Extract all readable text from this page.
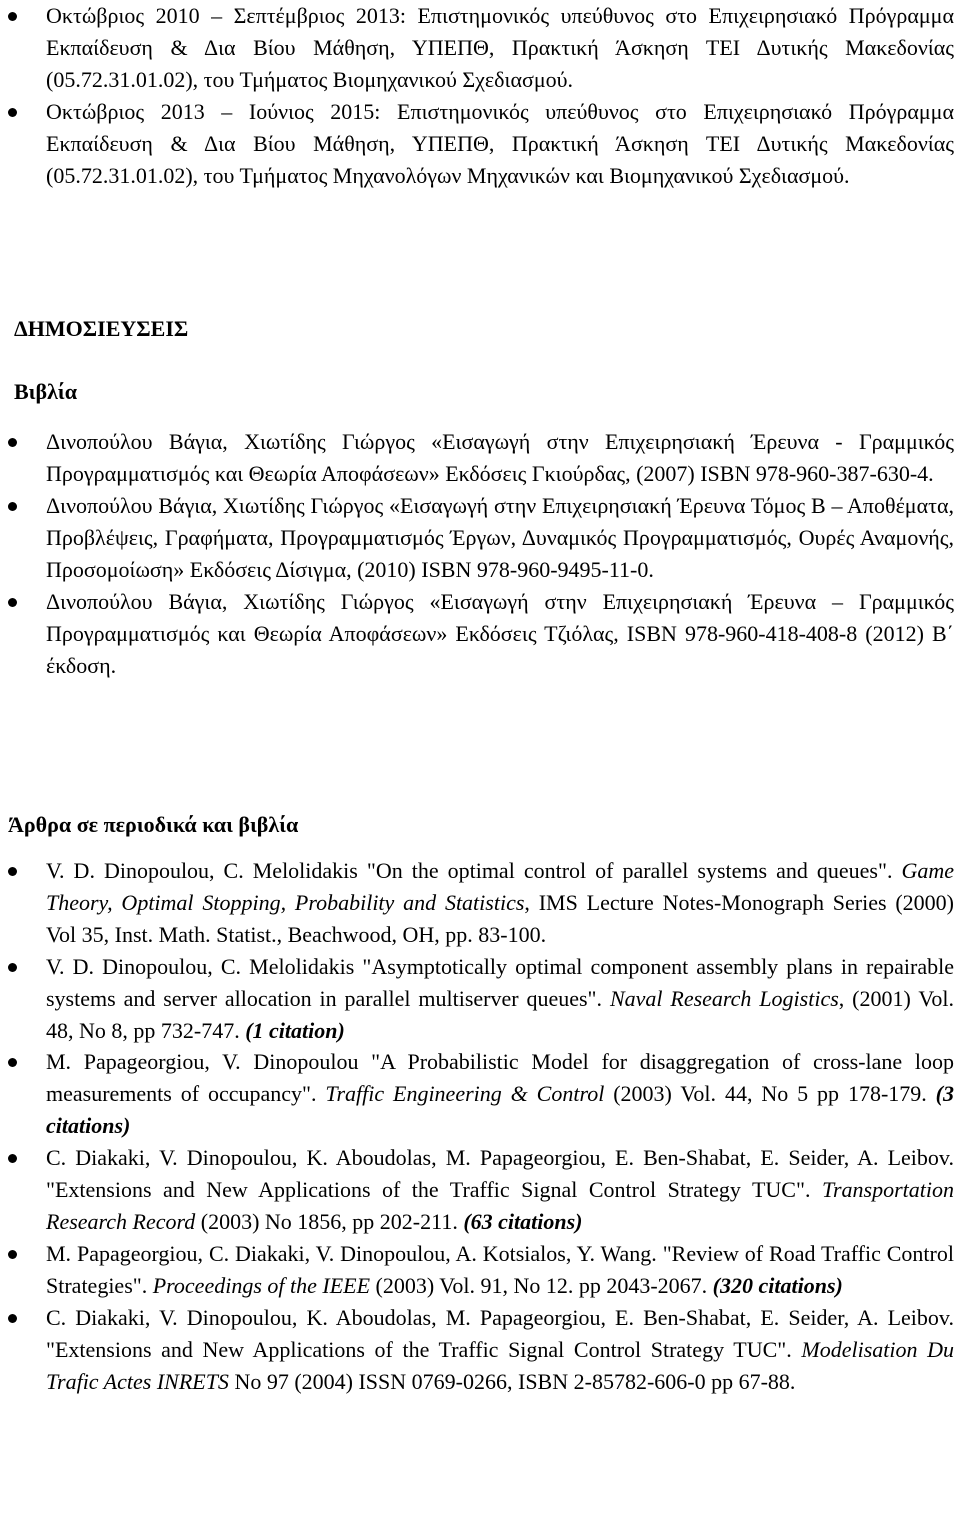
Οκτώβριος 2010 – Σεπτέμβριος 2013: Επιστημονικός υπεύθυνος στο Επιχειρησιακό Πρόγραμμα Εκπαίδευση & Δια Βίου Μάθηση, ΥΠΕΠΘ, Πρακτική Άσκηση ΤΕΙ Δυτικής Μακεδονίας (05.72.31.01.02), του Τμήματος Βιομηχανικού Σχεδιασμού.
Οκτώβριος 2013 – Ιούνιος 2015: Επιστημονικός υπεύθυνος στο Επιχειρησιακό Πρόγραμμα Εκπαίδευση & Δια Βίου Μάθηση, ΥΠΕΠΘ, Πρακτική Άσκηση ΤΕΙ Δυτικής Μακεδονίας (05.72.31.01.02), του Τμήματος Μηχανολόγων Μηχανικών και Βιομηχανικού Σχεδιασμού.
ΔΗΜΟΣΙΕΥΣΕΙΣ
Βιβλία
Δινοπούλου Βάγια, Χιωτίδης Γιώργος «Εισαγωγή στην Επιχειρησιακή Έρευνα - Γραμμικός Προγραμματισμός και Θεωρία Αποφάσεων» Εκδόσεις Γκιούρδας, (2007) ISBN 978-960-387-630-4.
Δινοπούλου Βάγια, Χιωτίδης Γιώργος «Εισαγωγή στην Επιχειρησιακή Έρευνα Τόμος Β – Αποθέματα, Προβλέψεις, Γραφήματα, Προγραμματισμός Έργων, Δυναμικός Προγραμματισμός, Ουρές Αναμονής, Προσομοίωση» Εκδόσεις Δίσιγμα, (2010) ISBN 978-960-9495-11-0.
Δινοπούλου Βάγια, Χιωτίδης Γιώργος «Εισαγωγή στην Επιχειρησιακή Έρευνα – Γραμμικός Προγραμματισμός και Θεωρία Αποφάσεων» Εκδόσεις Τζιόλας, ISBN 978-960-418-408-8 (2012) Β΄ έκδοση.
Άρθρα σε περιοδικά και βιβλία
V. D. Dinopoulou, C. Melolidakis "On the optimal control of parallel systems and queues". Game Theory, Optimal Stopping, Probability and Statistics, IMS Lecture Notes-Monograph Series (2000) Vol 35, Inst. Math. Statist., Beachwood, OH, pp. 83-100.
V. D. Dinopoulou, C. Melolidakis "Asymptotically optimal component assembly plans in repairable systems and server allocation in parallel multiserver queues". Naval Research Logistics, (2001) Vol. 48, No 8, pp 732-747. (1 citation)
M. Papageorgiou, V. Dinopoulou "A Probabilistic Model for disaggregation of cross-lane loop measurements of occupancy". Traffic Engineering & Control (2003) Vol. 44, No 5 pp 178-179. (3 citations)
C. Diakaki, V. Dinopoulou, K. Aboudolas, M. Papageorgiou, E. Ben-Shabat, E. Seider, A. Leibov. "Extensions and New Applications of the Traffic Signal Control Strategy TUC". Transportation Research Record (2003) No 1856, pp 202-211. (63 citations)
M. Papageorgiou, C. Diakaki, V. Dinopoulou, A. Kotsialos, Y. Wang. "Review of Road Traffic Control Strategies". Proceedings of the IEEE (2003) Vol. 91, No 12. pp 2043-2067. (320 citations)
C. Diakaki, V. Dinopoulou, K. Aboudolas, M. Papageorgiou, E. Ben-Shabat, E. Seider, A. Leibov. "Extensions and New Applications of the Traffic Signal Control Strategy TUC". Modelisation Du Trafic Actes INRETS No 97 (2004) ISSN 0769-0266, ISBN 2-85782-606-0 pp 67-88.
